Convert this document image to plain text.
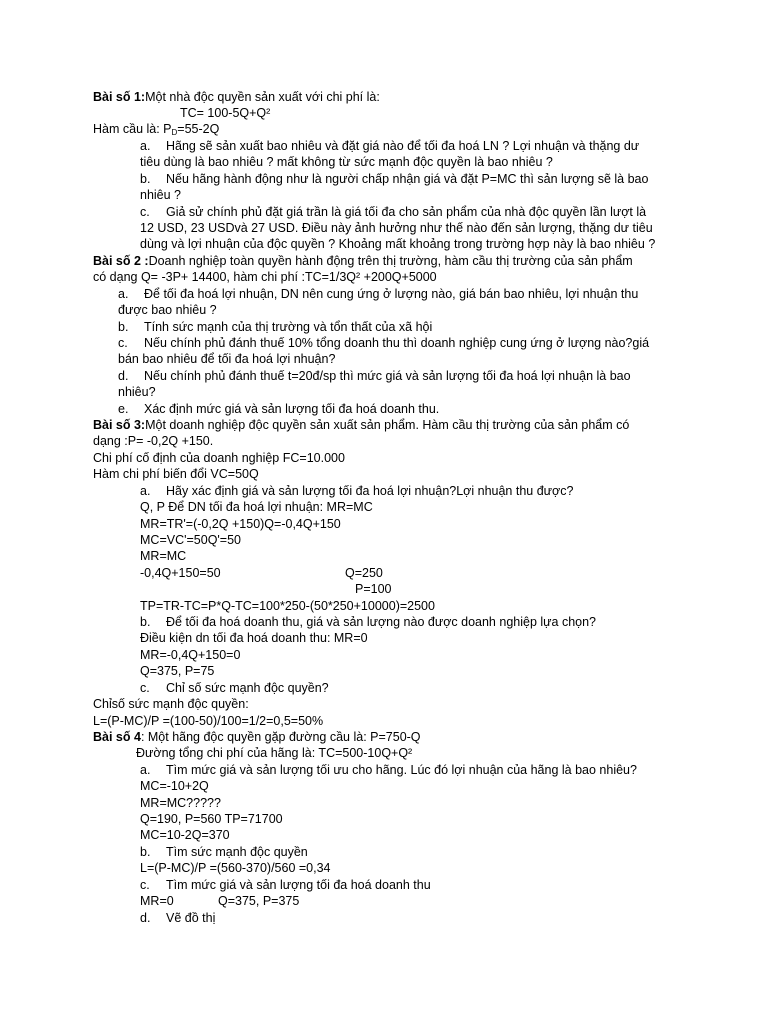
Bài số 1:Một nhà độc quyền sản xuất với chi phí là:
TC= 100-5Q+Q²
Hàm cầu là: $P_D=55-2Q$
a. Hãng sẽ sản xuất bao nhiêu và đặt giá nào để tối đa hoá LN ? Lợi nhuận và thặng dư
tiêu dùng là bao nhiêu ? mất không từ sức mạnh độc quyền là bao nhiêu ?
b. Nếu hãng hành động như là người chấp nhận giá và đặt P=MC thì sản lượng sẽ là bao
nhiêu ?
c. Giả sử chính phủ đặt giá trần là giá tối đa cho sản phẩm của nhà độc quyền lần lượt là
12 USD, 23 USDvà 27 USD. Điều này ảnh hưởng như thế nào đến sản lượng, thặng dư tiêu
dùng và lợi nhuận của độc quyền ? Khoảng mất khoảng trong trường hợp này là bao nhiêu ?
Bài số 2 :Doanh nghiệp toàn quyền hành động trên thị trường, hàm cầu thị trường của sản phẩm
có dạng Q= -3P+ 14400, hàm chi phí :TC=1/3Q² +200Q+5000
a. Để tối đa hoá lợi nhuận, DN nên cung ứng ở lượng nào, giá bán bao nhiêu, lợi nhuận thu
được bao nhiêu ?
b. Tính sức mạnh của thị trường và tổn thất của xã hội
c. Nếu chính phủ đánh thuế 10% tổng doanh thu thì doanh nghiệp cung ứng ở lượng nào?giá
bán bao nhiêu để tối đa hoá lợi nhuận?
d. Nếu chính phủ đánh thuế t=20đ/sp thì mức giá và sản lượng tối đa hoá lợi nhuận là bao
nhiêu?
e. Xác định mức giá và sản lượng tối đa hoá doanh thu.
Bài số 3:Một doanh nghiệp độc quyền sản xuất sản phẩm. Hàm cầu thị trường của sản phẩm có
dạng :P= -0,2Q +150.
Chi phí cố định của doanh nghiệp FC=10.000
Hàm chi phí biến đổi VC=50Q
a. Hãy xác định giá và sản lượng tối đa hoá lợi nhuận?Lợi nhuận thu được?
Q, P Để DN tối đa hoá lợi nhuận: MR=MC
MR=TR'=(-0,2Q +150)Q=-0,4Q+150
MC=VC'=50Q'=50
MR=MC
-0,4Q+150=50	Q=250
P=100
TP=TR-TC=P*Q-TC=100*250-(50*250+10000)=2500
b. Để tối đa hoá doanh thu, giá và sản lượng nào được doanh nghiệp lựa chọn?
Điều kiện dn tối đa hoá doanh thu: MR=0
MR=-0,4Q+150=0
Q=375, P=75
c. Chỉ số sức mạnh độc quyền?
Chỉsố sức mạnh độc quyền:
L=(P-MC)/P =(100-50)/100=1/2=0,5=50%
Bài số 4: Một hãng độc quyền gặp đường cầu là: P=750-Q
Đường tổng chi phí của hãng là: TC=500-10Q+Q²
a. Tìm mức giá và sản lượng tối ưu cho hãng. Lúc đó lợi nhuận của hãng là bao nhiêu?
MC=-10+2Q
MR=MC?????
Q=190, P=560 TP=71700
MC=10-2Q=370
b. Tìm sức mạnh độc quyền
L=(P-MC)/P =(560-370)/560 =0,34
c. Tìm mức giá và sản lượng tối đa hoá doanh thu
MR=0	Q=375, P=375
d. Vẽ đồ thị
